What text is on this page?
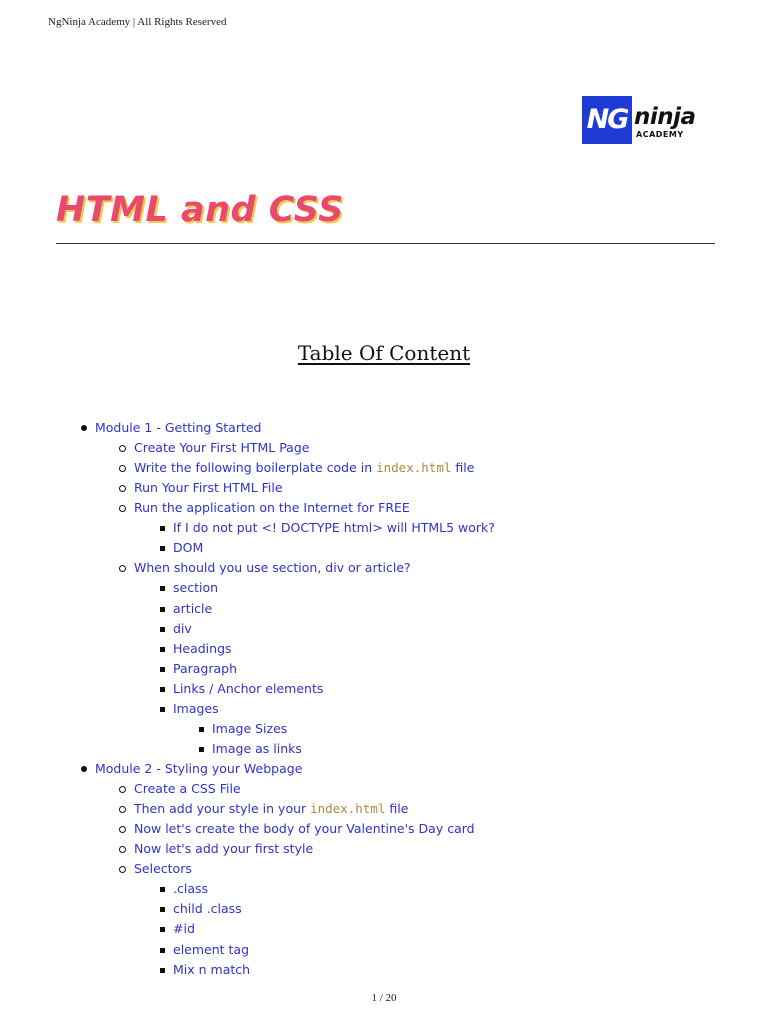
NgNinja Academy | All Rights Reserved

NG ninja
ACADEMY
HTML and CSS
Table Of Content
Module 1 - Getting Started
Create Your First HTML Page
Write the following boilerplate code in index.html file
Run Your First HTML File
Run the application on the Internet for FREE
If I do not put <! DOCTYPE html> will HTML5 work?
DOM
When should you use section, div or article?
section
article
div
Headings
Paragraph
Links / Anchor elements
Images
Image Sizes
Image as links
Module 2 - Styling your Webpage
Create a CSS File
Then add your style in your index.html file
Now let's create the body of your Valentine's Day card
Now let's add your first style
Selectors
.class
child .class
#id
element tag
Mix n match
1 / 20
